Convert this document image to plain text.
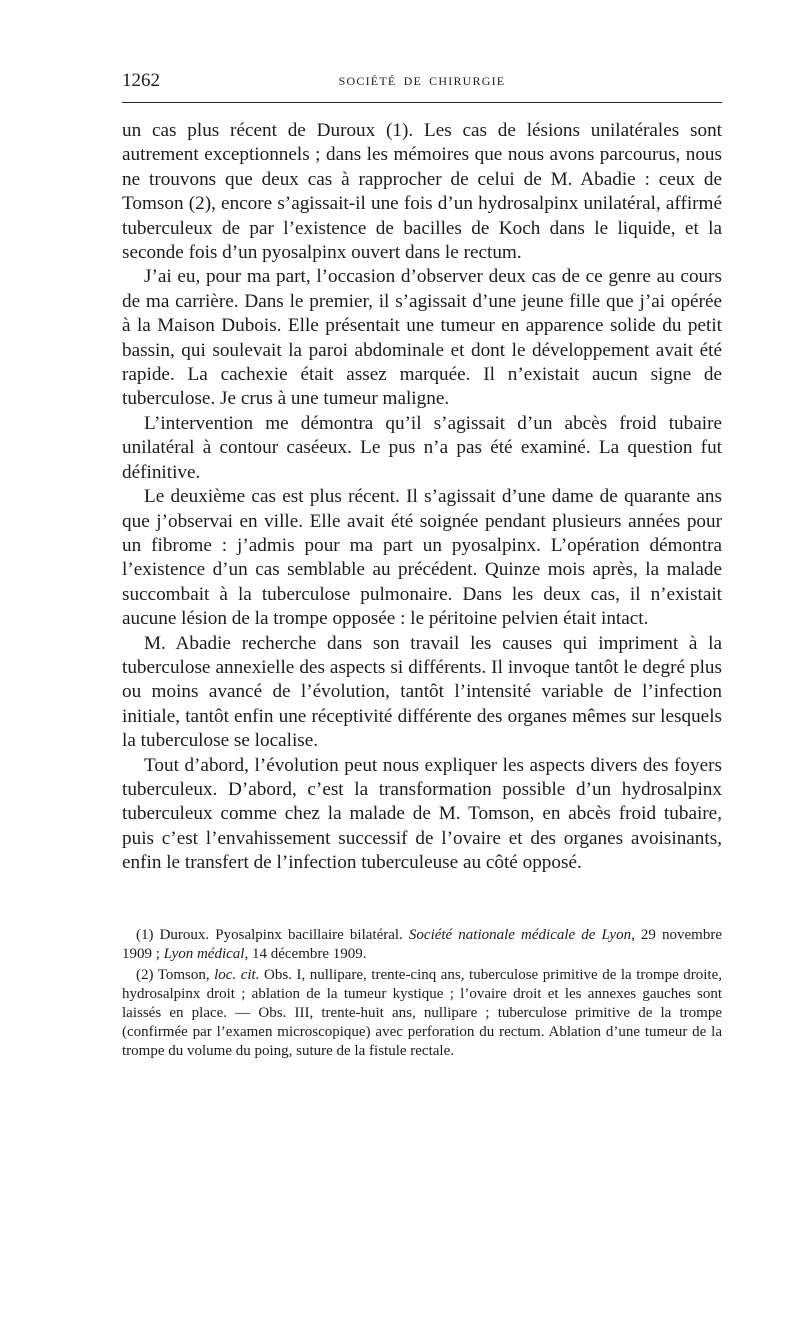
1262	SOCIÉTÉ DE CHIRURGIE

un cas plus récent de Duroux (1). Les cas de lésions unilatérales sont autrement exceptionnels ; dans les mémoires que nous avons parcourus, nous ne trouvons que deux cas à rapprocher de celui de M. Abadie : ceux de Tomson (2), encore s’agissait-il une fois d’un hydrosalpinx unilatéral, affirmé tuberculeux de par l’existence de bacilles de Koch dans le liquide, et la seconde fois d’un pyosalpinx ouvert dans le rectum.

J’ai eu, pour ma part, l’occasion d’observer deux cas de ce genre au cours de ma carrière. Dans le premier, il s’agissait d’une jeune fille que j’ai opérée à la Maison Dubois. Elle présentait une tumeur en apparence solide du petit bassin, qui soulevait la paroi abdominale et dont le développement avait été rapide. La cachexie était assez marquée. Il n’existait aucun signe de tuberculose. Je crus à une tumeur maligne.

L’intervention me démontra qu’il s’agissait d’un abcès froid tubaire unilatéral à contour caséeux. Le pus n’a pas été examiné. La question fut définitive.

Le deuxième cas est plus récent. Il s’agissait d’une dame de quarante ans que j’observai en ville. Elle avait été soignée pendant plusieurs années pour un fibrome : j’admis pour ma part un pyosalpinx. L’opération démontra l’existence d’un cas semblable au précédent. Quinze mois après, la malade succombait à la tuberculose pulmonaire. Dans les deux cas, il n’existait aucune lésion de la trompe opposée : le péritoine pelvien était intact.

M. Abadie recherche dans son travail les causes qui impriment à la tuberculose annexielle des aspects si différents. Il invoque tantôt le degré plus ou moins avancé de l’évolution, tantôt l’intensité variable de l’infection initiale, tantôt enfin une réceptivité différente des organes mêmes sur lesquels la tuberculose se localise.

Tout d’abord, l’évolution peut nous expliquer les aspects divers des foyers tuberculeux. D’abord, c’est la transformation possible d’un hydrosalpinx tuberculeux comme chez la malade de M. Tomson, en abcès froid tubaire, puis c’est l’envahissement successif de l’ovaire et des organes avoisinants, enfin le transfert de l’infection tuberculeuse au côté opposé.

(1) Duroux. Pyosalpinx bacillaire bilatéral. Société nationale médicale de Lyon, 29 novembre 1909 ; Lyon médical, 14 décembre 1909.

(2) Tomson, loc. cit. Obs. I, nullipare, trente-cinq ans, tuberculose primitive de la trompe droite, hydrosalpinx droit ; ablation de la tumeur kystique ; l’ovaire droit et les annexes gauches sont laissés en place. — Obs. III, trente-huit ans, nullipare ; tuberculose primitive de la trompe (confirmée par l’examen microscopique) avec perforation du rectum. Ablation d’une tumeur de la trompe du volume du poing, suture de la fistule rectale.
